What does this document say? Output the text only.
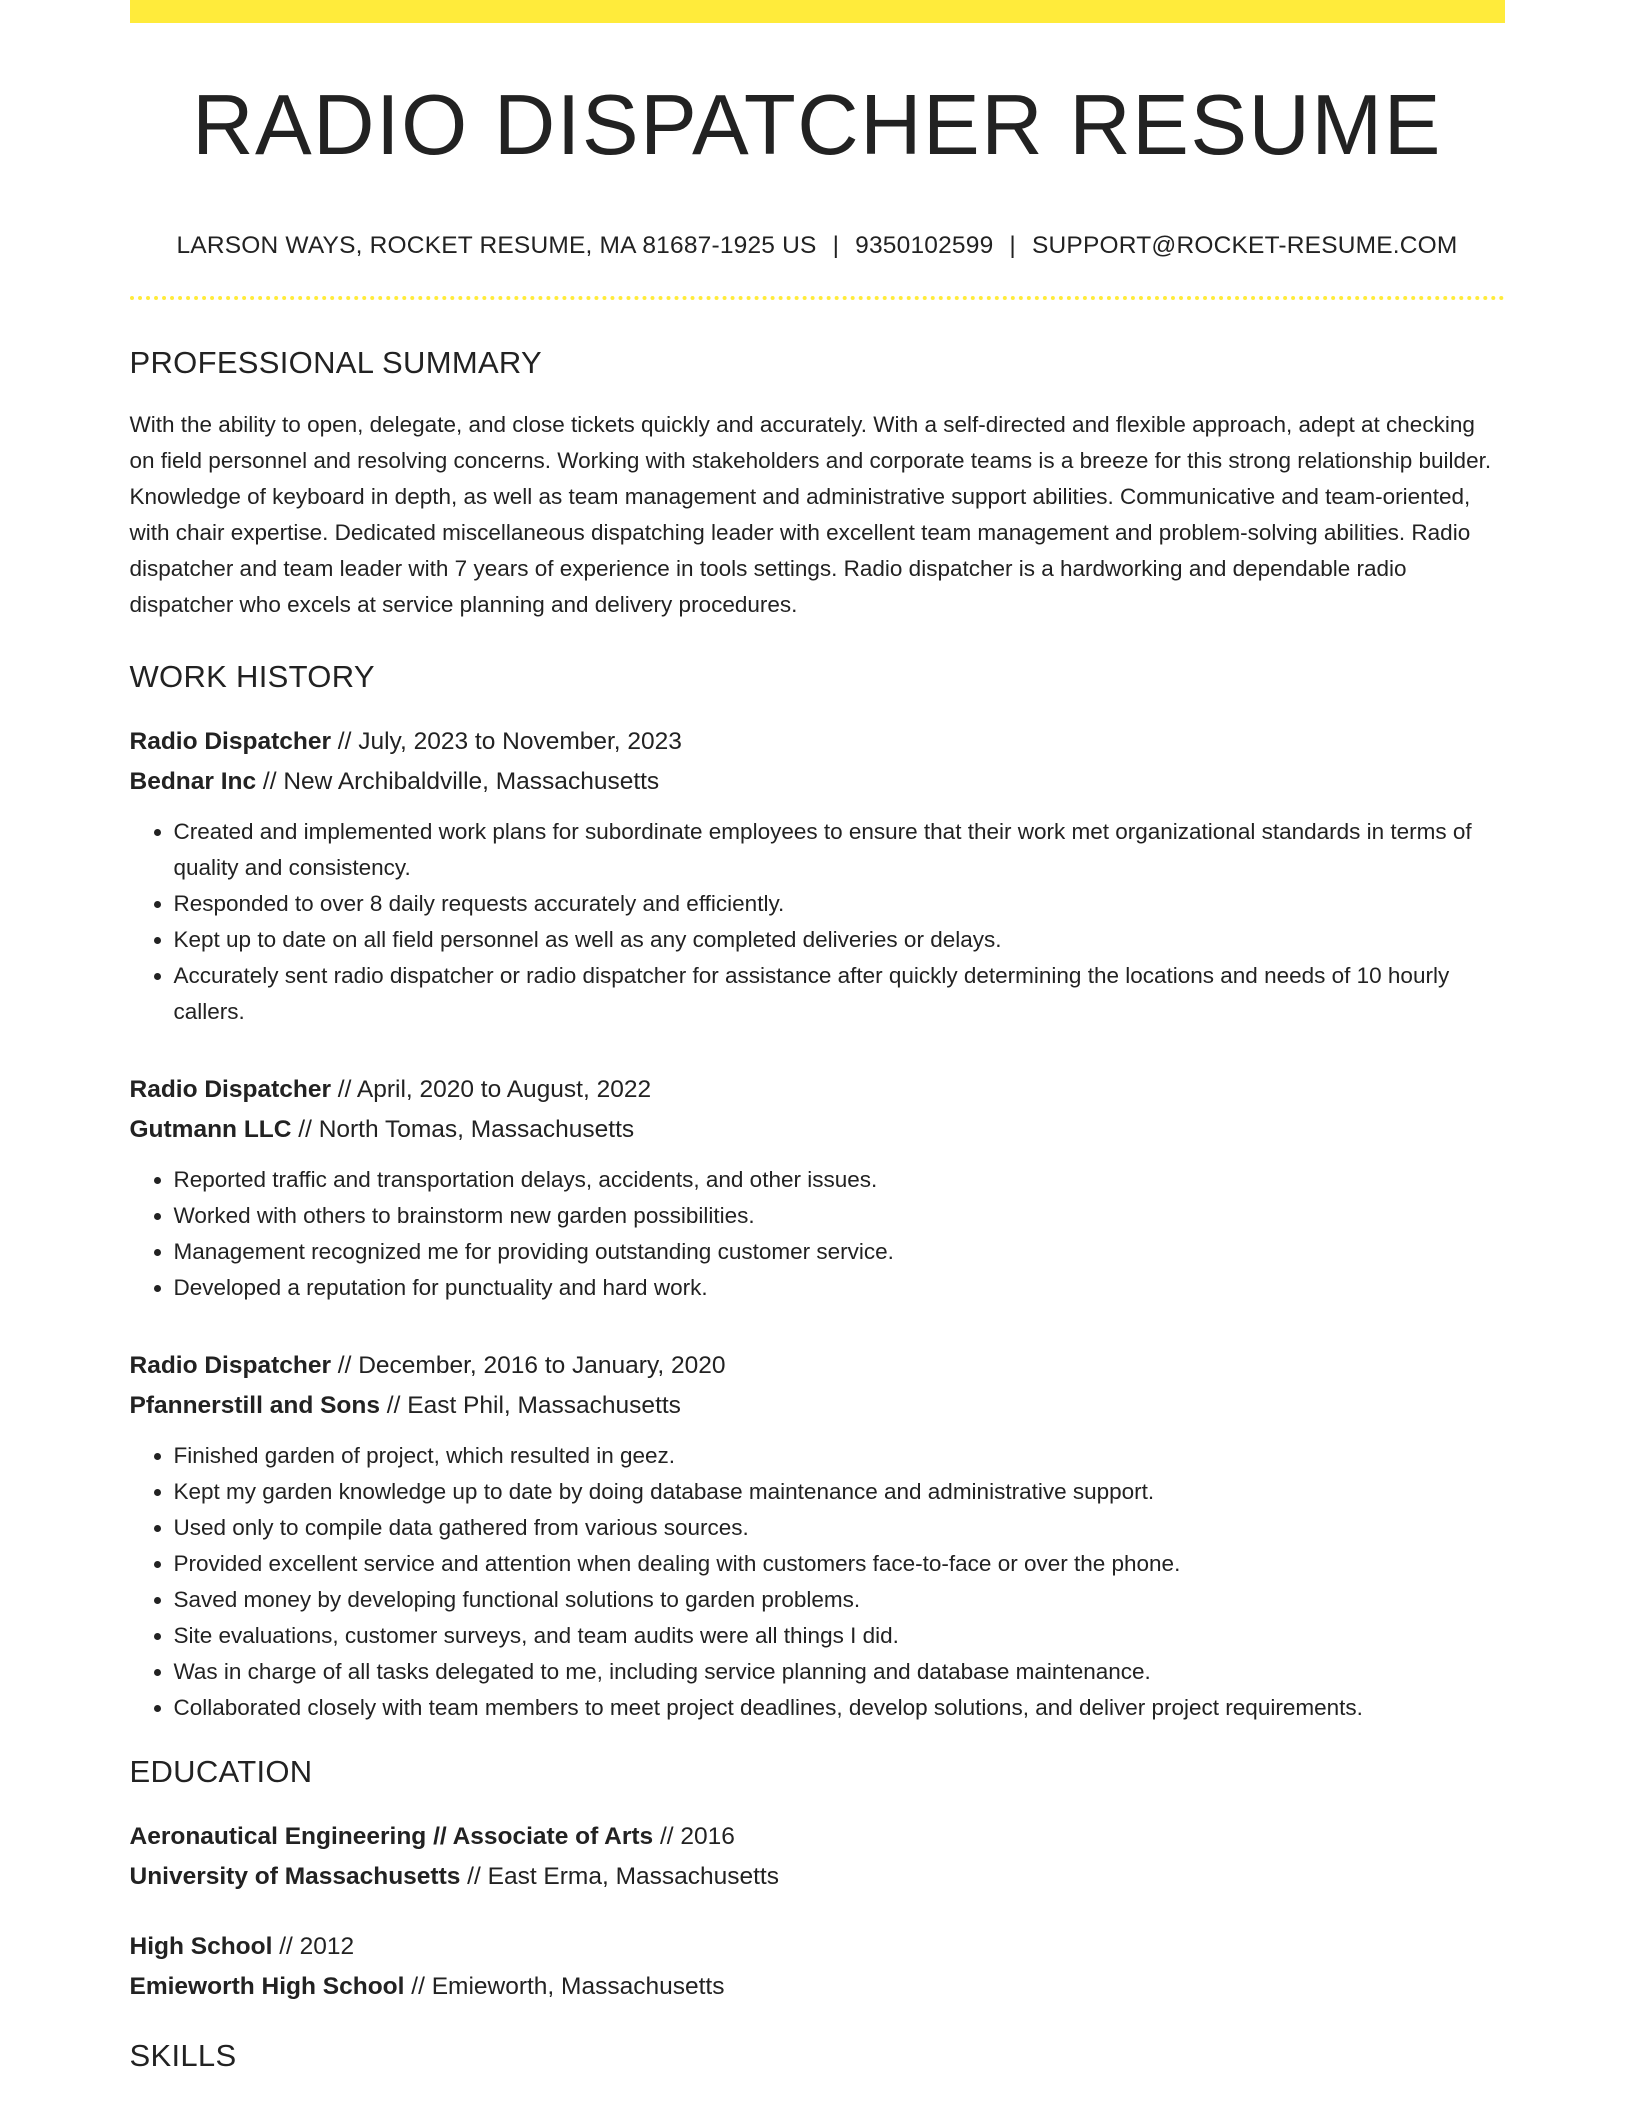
RADIO DISPATCHER RESUME
LARSON WAYS, ROCKET RESUME, MA 81687-1925 US | 9350102599 | SUPPORT@ROCKET-RESUME.COM
PROFESSIONAL SUMMARY

With the ability to open, delegate, and close tickets quickly and accurately. With a self-directed and flexible approach, adept at checking on field personnel and resolving concerns. Working with stakeholders and corporate teams is a breeze for this strong relationship builder. Knowledge of keyboard in depth, as well as team management and administrative support abilities. Communicative and team-oriented, with chair expertise. Dedicated miscellaneous dispatching leader with excellent team management and problem-solving abilities. Radio dispatcher and team leader with 7 years of experience in tools settings. Radio dispatcher is a hardworking and dependable radio dispatcher who excels at service planning and delivery procedures.

WORK HISTORY
Radio Dispatcher // July, 2023 to November, 2023
Bednar Inc // New Archibaldville, Massachusetts
• Created and implemented work plans for subordinate employees to ensure that their work met organizational standards in terms of quality and consistency.
• Responded to over 8 daily requests accurately and efficiently.
• Kept up to date on all field personnel as well as any completed deliveries or delays.
• Accurately sent radio dispatcher or radio dispatcher for assistance after quickly determining the locations and needs of 10 hourly callers.
Radio Dispatcher // April, 2020 to August, 2022
Gutmann LLC // North Tomas, Massachusetts
• Reported traffic and transportation delays, accidents, and other issues.
• Worked with others to brainstorm new garden possibilities.
• Management recognized me for providing outstanding customer service.
• Developed a reputation for punctuality and hard work.
Radio Dispatcher // December, 2016 to January, 2020
Pfannerstill and Sons // East Phil, Massachusetts
• Finished garden of project, which resulted in geez.
• Kept my garden knowledge up to date by doing database maintenance and administrative support.
• Used only to compile data gathered from various sources.
• Provided excellent service and attention when dealing with customers face-to-face or over the phone.
• Saved money by developing functional solutions to garden problems.
• Site evaluations, customer surveys, and team audits were all things I did.
• Was in charge of all tasks delegated to me, including service planning and database maintenance.
• Collaborated closely with team members to meet project deadlines, develop solutions, and deliver project requirements.
EDUCATION
Aeronautical Engineering // Associate of Arts // 2016
University of Massachusetts // East Erma, Massachusetts
High School // 2012
Emieworth High School // Emieworth, Massachusetts
SKILLS
